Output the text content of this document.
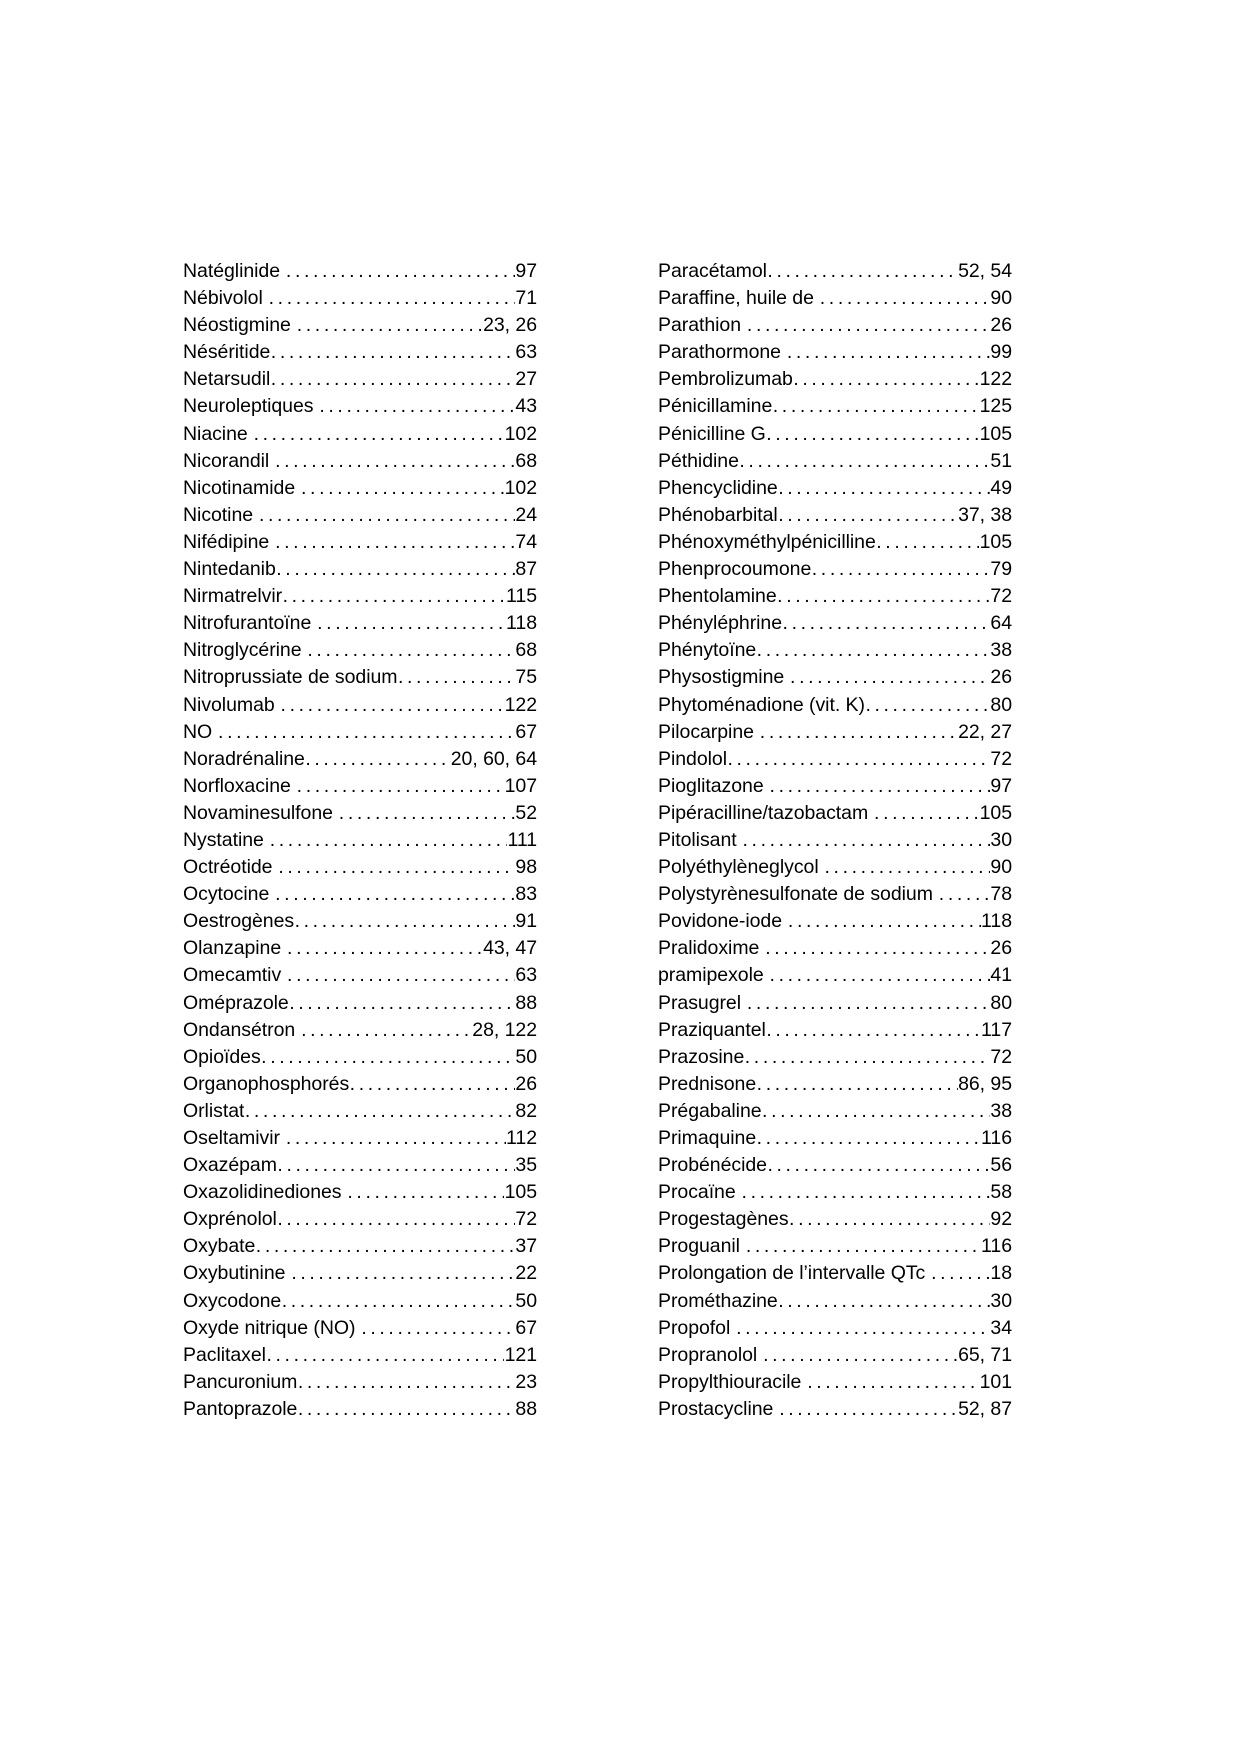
Natéglinide . . .	97
Nébivolol . . .	71
Néostigmine . . .	23, 26
Néséritide . . .	63
Netarsudil . . .	27
Neuroleptiques . . .	43
Niacine . . .	102
Nicorandil . . .	68
Nicotinamide . . .	102
Nicotine . . .	24
Nifédipine . . .	74
Nintedanib . . .	87
Nirmatrelvir . . .	115
Nitrofurantoïne . . .	118
Nitroglycérine . . .	68
Nitroprussiate de sodium . . .	75
Nivolumab . . .	122
NO . . .	67
Noradrénaline . . .	20, 60, 64
Norfloxacine . . .	107
Novaminesulfone . . .	52
Nystatine . . .	111
Octréotide . . .	98
Ocytocine . . .	83
Oestrogènes . . .	91
Olanzapine . . .	43, 47
Omecamtiv . . .	63
Oméprazole . . .	88
Ondansétron . . .	28, 122
Opioïdes . . .	50
Organophosphorés . . .	26
Orlistat . . .	82
Oseltamivir . . .	112
Oxazépam . . .	35
Oxazolidinediones . . .	105
Oxprénolol . . .	72
Oxybate . . .	37
Oxybutinine . . .	22
Oxycodone . . .	50
Oxyde nitrique (NO) . . .	67
Paclitaxel . . .	121
Pancuronium . . .	23
Pantoprazole . . .	88
Paracétamol . . .	52, 54
Paraffine, huile de . . .	90
Parathion . . .	26
Parathormone . . .	99
Pembrolizumab . . .	122
Pénicillamine . . .	125
Pénicilline G . . .	105
Péthidine . . .	51
Phencyclidine . . .	49
Phénobarbital . . .	37, 38
Phénoxyméthylpénicilline . . .	105
Phenprocoumone . . .	79
Phentolamine . . .	72
Phényléphrine . . .	64
Phénytoïne . . .	38
Physostigmine . . .	26
Phytoménadione (vit. K) . . .	80
Pilocarpine . . .	22, 27
Pindolol . . .	72
Pioglitazone . . .	97
Pipéracilline/tazobactam . . .	105
Pitolisant . . .	30
Polyéthylèneglycol . . .	90
Polystyrènesulfonate de sodium . . .	78
Povidone-iode . . .	118
Pralidoxime . . .	26
pramipexole . . .	41
Prasugrel . . .	80
Praziquantel . . .	117
Prazosine . . .	72
Prednisone . . .	86, 95
Prégabaline . . .	38
Primaquine . . .	116
Probénécide . . .	56
Procaïne . . .	58
Progestagènes . . .	92
Proguanil . . .	116
Prolongation de l’intervalle QTc . . .	18
Prométhazine . . .	30
Propofol . . .	34
Propranolol . . .	65, 71
Propylthiouracile . . .	101
Prostacycline . . .	52, 87
